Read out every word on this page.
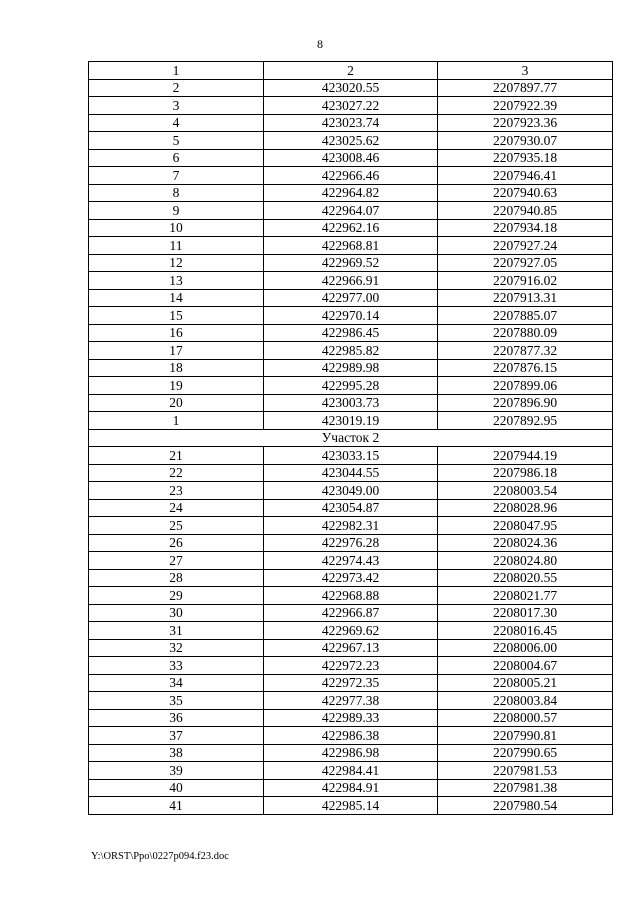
8
1	2	3
2	423020.55	2207897.77
3	423027.22	2207922.39
4	423023.74	2207923.36
5	423025.62	2207930.07
6	423008.46	2207935.18
7	422966.46	2207946.41
8	422964.82	2207940.63
9	422964.07	2207940.85
10	422962.16	2207934.18
11	422968.81	2207927.24
12	422969.52	2207927.05
13	422966.91	2207916.02
14	422977.00	2207913.31
15	422970.14	2207885.07
16	422986.45	2207880.09
17	422985.82	2207877.32
18	422989.98	2207876.15
19	422995.28	2207899.06
20	423003.73	2207896.90
1	423019.19	2207892.95
Участок 2		
21	423033.15	2207944.19
22	423044.55	2207986.18
23	423049.00	2208003.54
24	423054.87	2208028.96
25	422982.31	2208047.95
26	422976.28	2208024.36
27	422974.43	2208024.80
28	422973.42	2208020.55
29	422968.88	2208021.77
30	422966.87	2208017.30
31	422969.62	2208016.45
32	422967.13	2208006.00
33	422972.23	2208004.67
34	422972.35	2208005.21
35	422977.38	2208003.84
36	422989.33	2208000.57
37	422986.38	2207990.81
38	422986.98	2207990.65
39	422984.41	2207981.53
40	422984.91	2207981.38
41	422985.14	2207980.54
Y:\ORST\Ppo\0227p094.f23.doc
